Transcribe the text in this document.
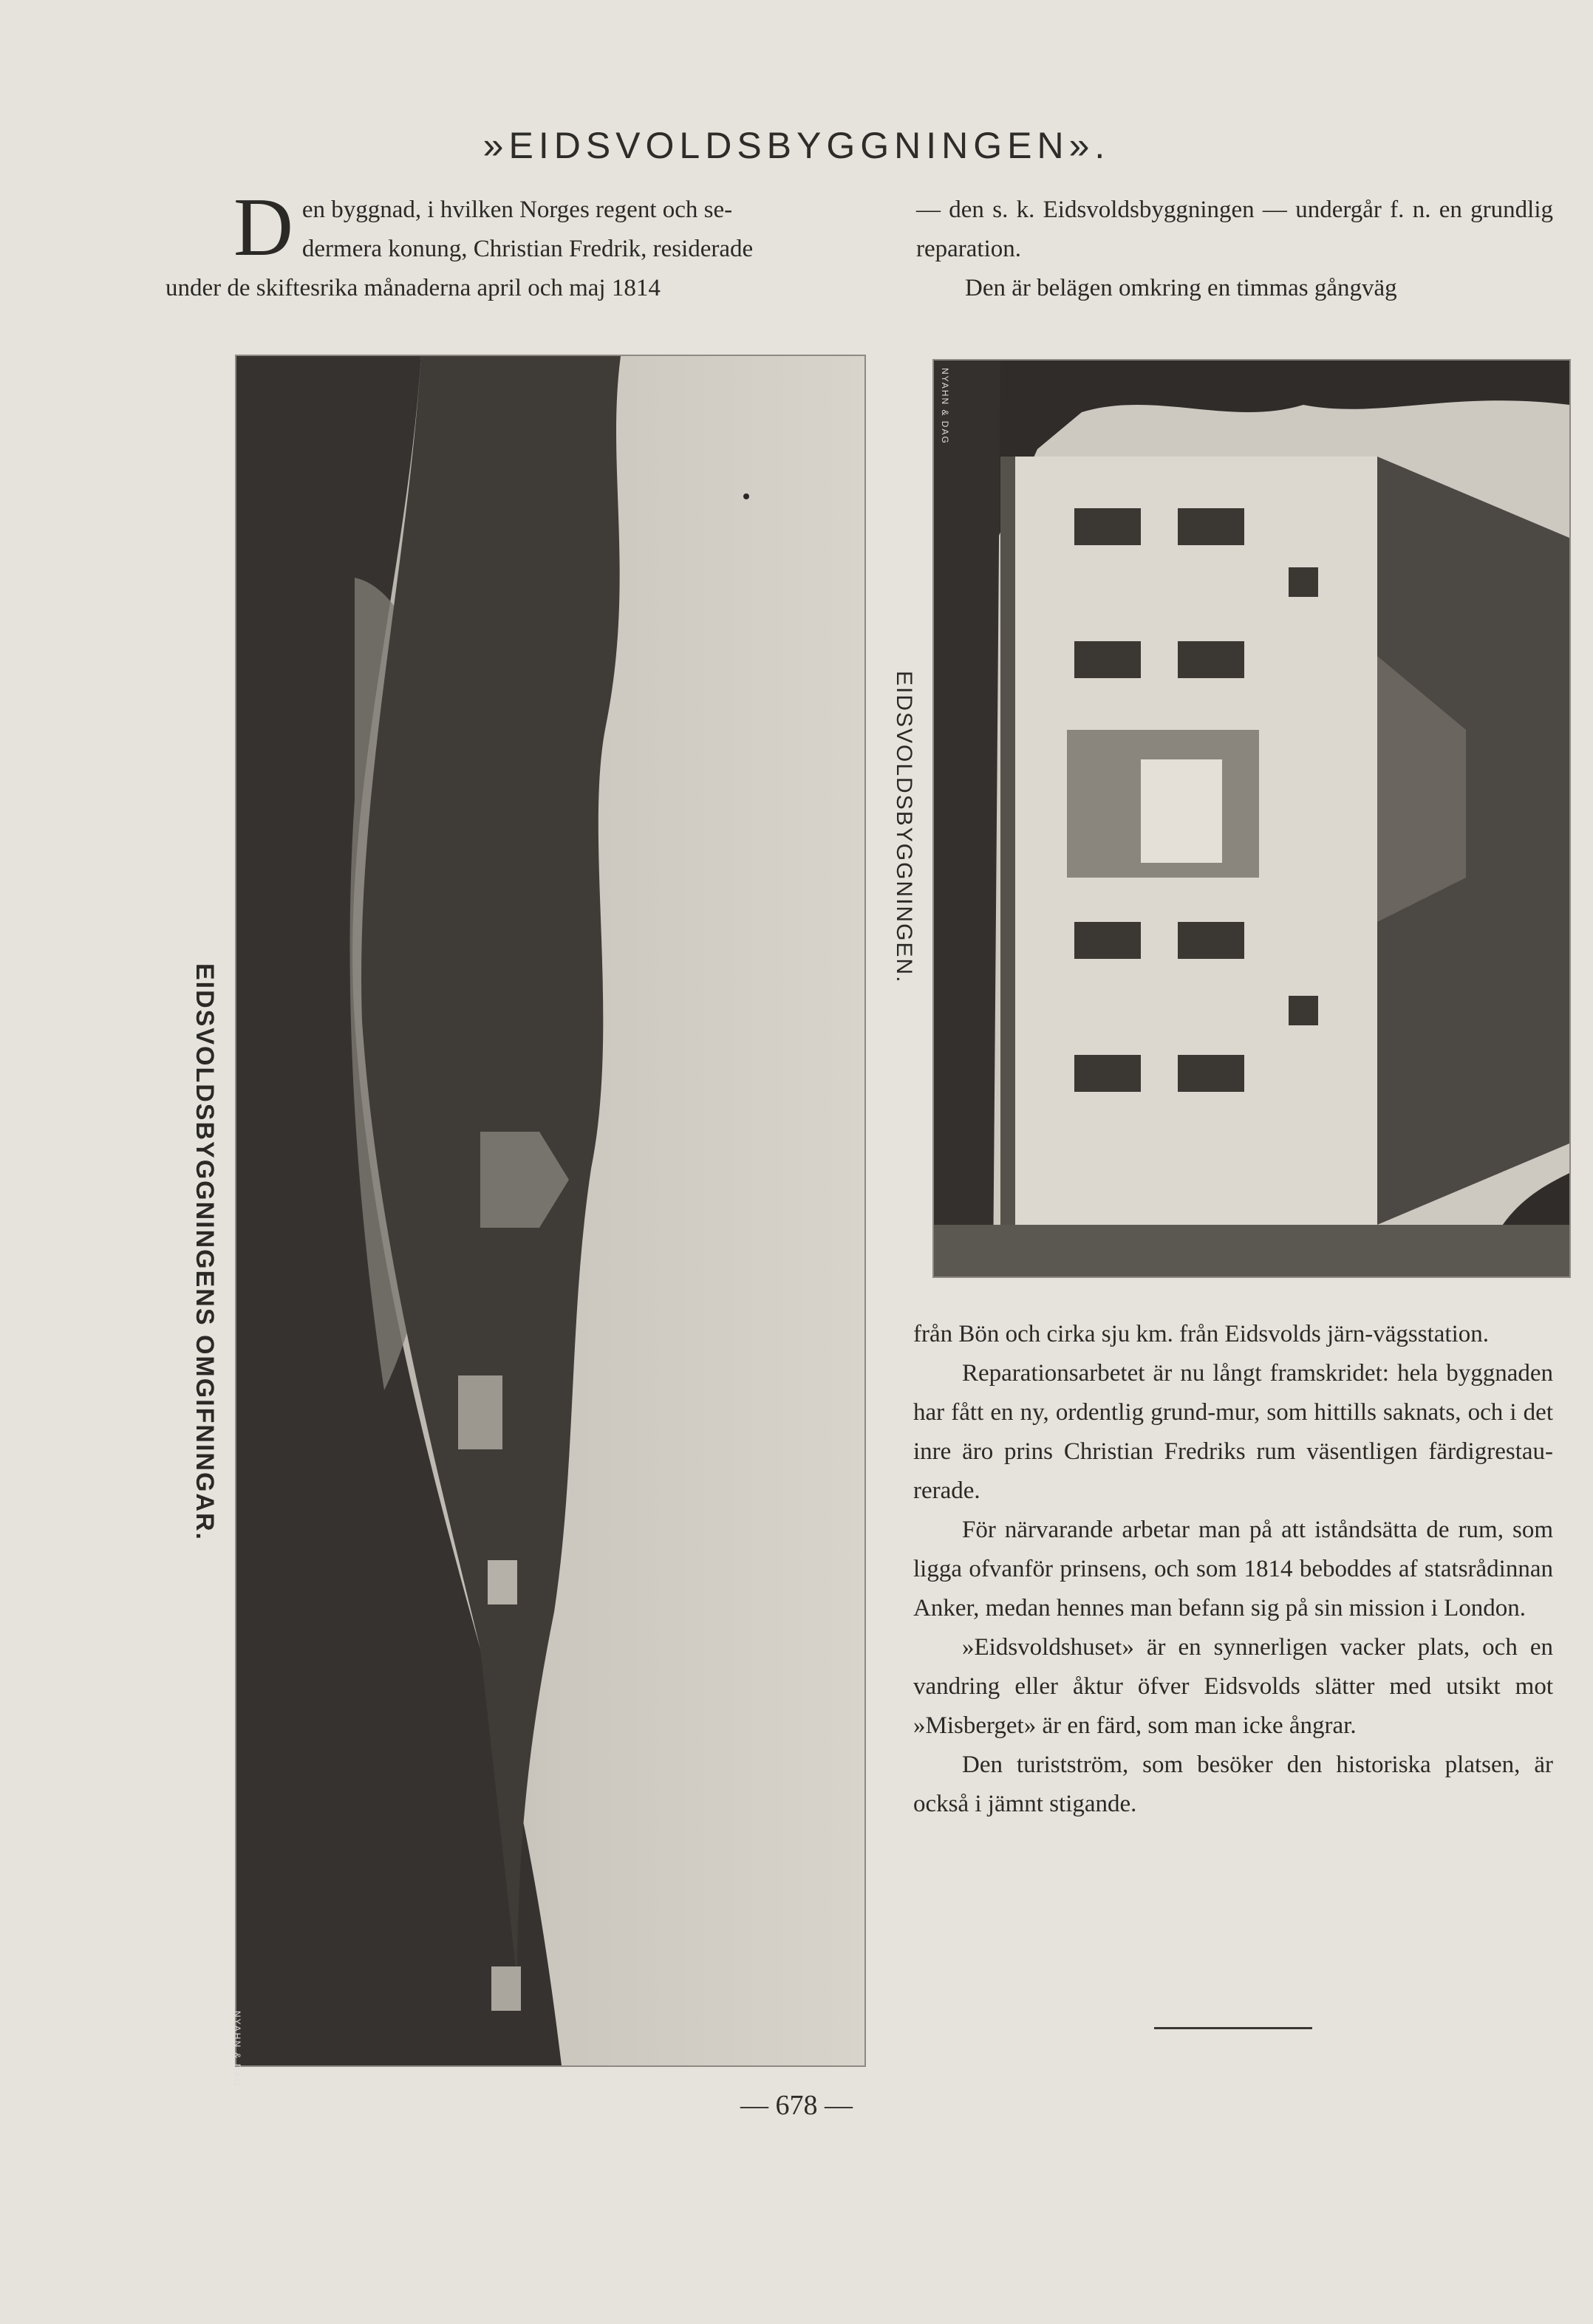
»EIDSVOLDSBYGGNINGEN».

Den byggnad, i hvilken Norges regent och se-
dermera konung, Christian Fredrik, residerade
under de skiftesrika månaderna april och maj 1814

— den s. k. Eidsvoldsbyggningen — undergår f. n. en grundlig reparation.

Den är belägen omkring en timmas gångväg

NYAHN & DAG
EIDSVOLDSBYGGNINGENS OMGIFNINGAR.
NYAHN & DAG
EIDSVOLDSBYGGNINGEN.

från Bön och cirka sju km. från Eidsvolds järn-vägsstation.

Reparationsarbetet är nu långt framskridet: hela byggnaden har fått en ny, ordentlig grund-mur, som hittills saknats, och i det inre äro prins Christian Fredriks rum väsentligen färdigrestau-rerade.

För närvarande arbetar man på att iståndsätta de rum, som ligga ofvanför prinsens, och som 1814 beboddes af statsrådinnan Anker, medan hennes man befann sig på sin mission i London.

»Eidsvoldshuset» är en synnerligen vacker plats, och en vandring eller åktur öfver Eidsvolds slätter med utsikt mot »Misberget» är en färd, som man icke ångrar.

Den turistström, som besöker den historiska platsen, är också i jämnt stigande.

— 678 —
